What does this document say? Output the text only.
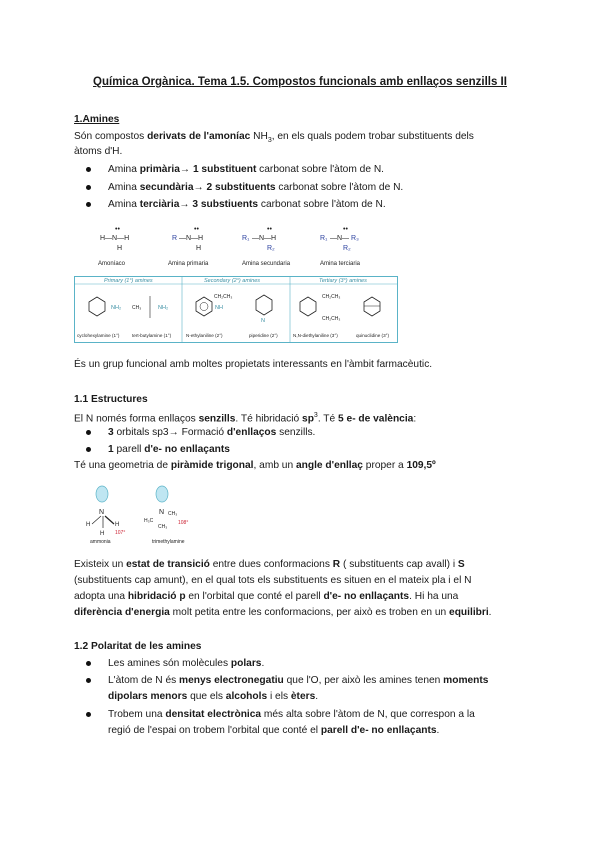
Química Orgànica. Tema 1.5. Compostos funcionals amb enllaços senzills II
1.Amines
Són compostos derivats de l'amoníac $NH_3$, en els quals podem trobar substituents dels
àtoms d'H.
Amina primària→ 1 substituent carbonat sobre l'àtom de N.
Amina secundària→ 2 substituents carbonat sobre l'àtom de N.
Amina terciària→ 3 substiuents carbonat sobre l'àtom de N.
H—N—H
••
H
R —N—H
••
H
R₁ —N—H
••
R₂
R₁ —N— R₃
••
R₂
Amoníaco	Amina primaria	Amina secundaria	Amina terciaria
Primary (1°) amines	Secondary (2°) amines	Tertiary (3°) amines
NH₂ CH₃	NH₂
CH₂CH₃
NH
N
CH₂CH₃
CH₂CH₃
cyclohexylamine (1°)	tert-butylamine (1°)	N-ethylaniline (2°)	piperidine (2°)	N,N-diethylaniline (3°)	quinuclidine (3°)
És un grup funcional amb moltes propietats interessants en l'àmbit farmacèutic.
1.1 Estructures
El N només forma enllaços senzills. Té hibridació $sp^3$. Té 5 e- de valència:
3 orbitals sp3→ Formació d'enllaços senzills.
1 parell d'e- no enllaçants
Té una geometria de piràmide trigonal, amb un angle d'enllaç proper a 109,5º
N
H
H
H
107°
ammonia
N CH₃
H₃C
CH₃
108°
trimethylamine
Existeix un estat de transició entre dues conformacions R ( substituents cap avall) i S
(substituents cap amunt), en el qual tots els substituents es situen en el mateix pla i el N
adopta una hibridació p en l'orbital que conté el parell d'e- no enllaçants. Hi ha una
diferència d'energia molt petita entre les conformacions, per això es troben en un equilibri.
1.2 Polaritat de les amines
Les amines són molècules polars.
L'àtom de N és menys electronegatiu que l'O, per això les amines tenen moments
dipolars menors que els alcohols i els èters.
Trobem una densitat electrònica més alta sobre l'àtom de N, que correspon a la
regió de l'espai on trobem l'orbital que conté el parell d'e- no enllaçants.
